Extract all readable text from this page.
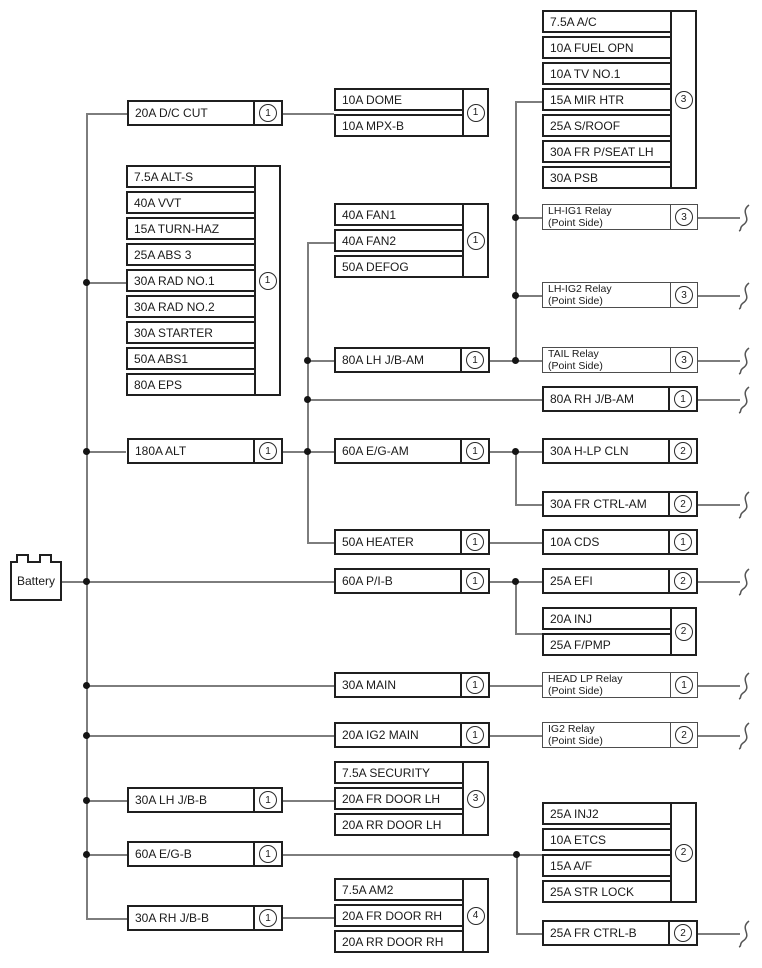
Battery
20A D/C CUT	1
7.5A ALT-S
40A VVT
15A TURN-HAZ
25A ABS 3
30A RAD NO.1
30A RAD NO.2
30A STARTER
50A ABS1
80A EPS
1
180A ALT	1
30A LH J/B-B	1
60A E/G-B	1
30A RH J/B-B	1
10A DOME
10A MPX-B
1
40A FAN1
40A FAN2
50A DEFOG
1
80A LH J/B-AM	1
60A E/G-AM	1
50A HEATER	1
60A P/I-B	1
30A MAIN	1
20A IG2 MAIN	1
7.5A SECURITY
20A FR DOOR LH
20A RR DOOR LH
3
7.5A AM2
20A FR DOOR RH
20A RR DOOR RH
4
7.5A A/C
10A FUEL OPN
10A TV NO.1
15A MIR HTR
25A S/ROOF
30A FR P/SEAT LH
30A PSB
3
LH-IG1 Relay
(Point Side)	3
LH-IG2 Relay
(Point Side)	3
TAIL Relay
(Point Side)	3
80A RH J/B-AM	1
30A H-LP CLN	2
30A FR CTRL-AM	2
10A CDS	1
25A EFI	2
20A INJ
25A F/PMP
2
HEAD LP Relay
(Point Side)	1
IG2 Relay
(Point Side)	2
25A INJ2
10A ETCS
15A A/F
25A STR LOCK
2
25A FR CTRL-B	2
